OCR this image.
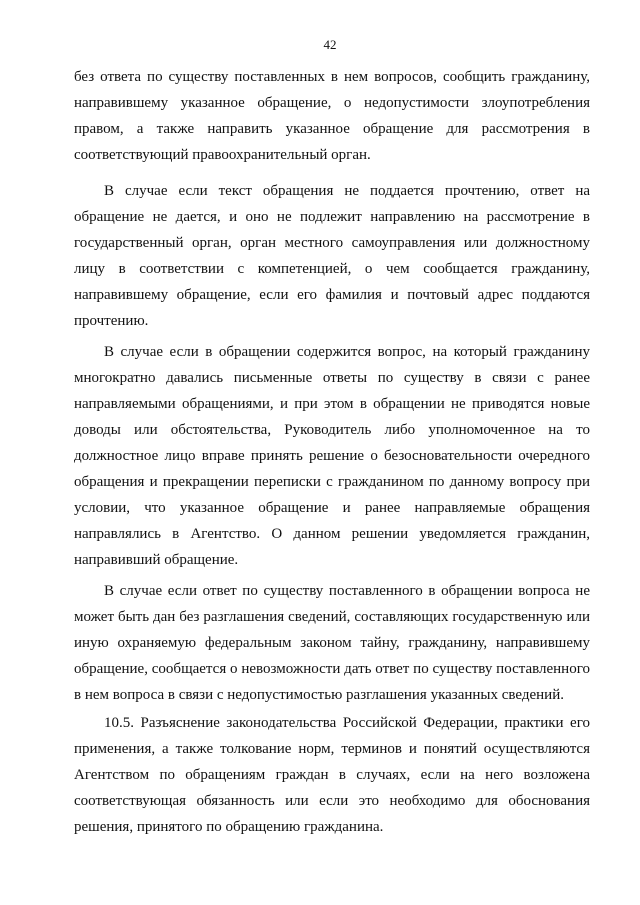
42

без ответа по существу поставленных в нем вопросов, сообщить гражданину, направившему указанное обращение, о недопустимости злоупотребления правом, а также направить указанное обращение для рассмотрения в соответствующий правоохранительный орган.

В случае если текст обращения не поддается прочтению, ответ на обращение не дается, и оно не подлежит направлению на рассмотрение в государственный орган, орган местного самоуправления или должностному лицу в соответствии с компетенцией, о чем сообщается гражданину, направившему обращение, если его фамилия и почтовый адрес поддаются прочтению.

В случае если в обращении содержится вопрос, на который гражданину многократно давались письменные ответы по существу в связи с ранее направляемыми обращениями, и при этом в обращении не приводятся новые доводы или обстоятельства, Руководитель либо уполномоченное на то должностное лицо вправе принять решение о безосновательности очередного обращения и прекращении переписки с гражданином по данному вопросу при условии, что указанное обращение и ранее направляемые обращения направлялись в Агентство. О данном решении уведомляется гражданин, направивший обращение.

В случае если ответ по существу поставленного в обращении вопроса не может быть дан без разглашения сведений, составляющих государственную или иную охраняемую федеральным законом тайну, гражданину, направившему обращение, сообщается о невозможности дать ответ по существу поставленного в нем вопроса в связи с недопустимостью разглашения указанных сведений.

10.5. Разъяснение законодательства Российской Федерации, практики его применения, а также толкование норм, терминов и понятий осуществляются Агентством по обращениям граждан в случаях, если на него возложена соответствующая обязанность или если это необходимо для обоснования решения, принятого по обращению гражданина.
